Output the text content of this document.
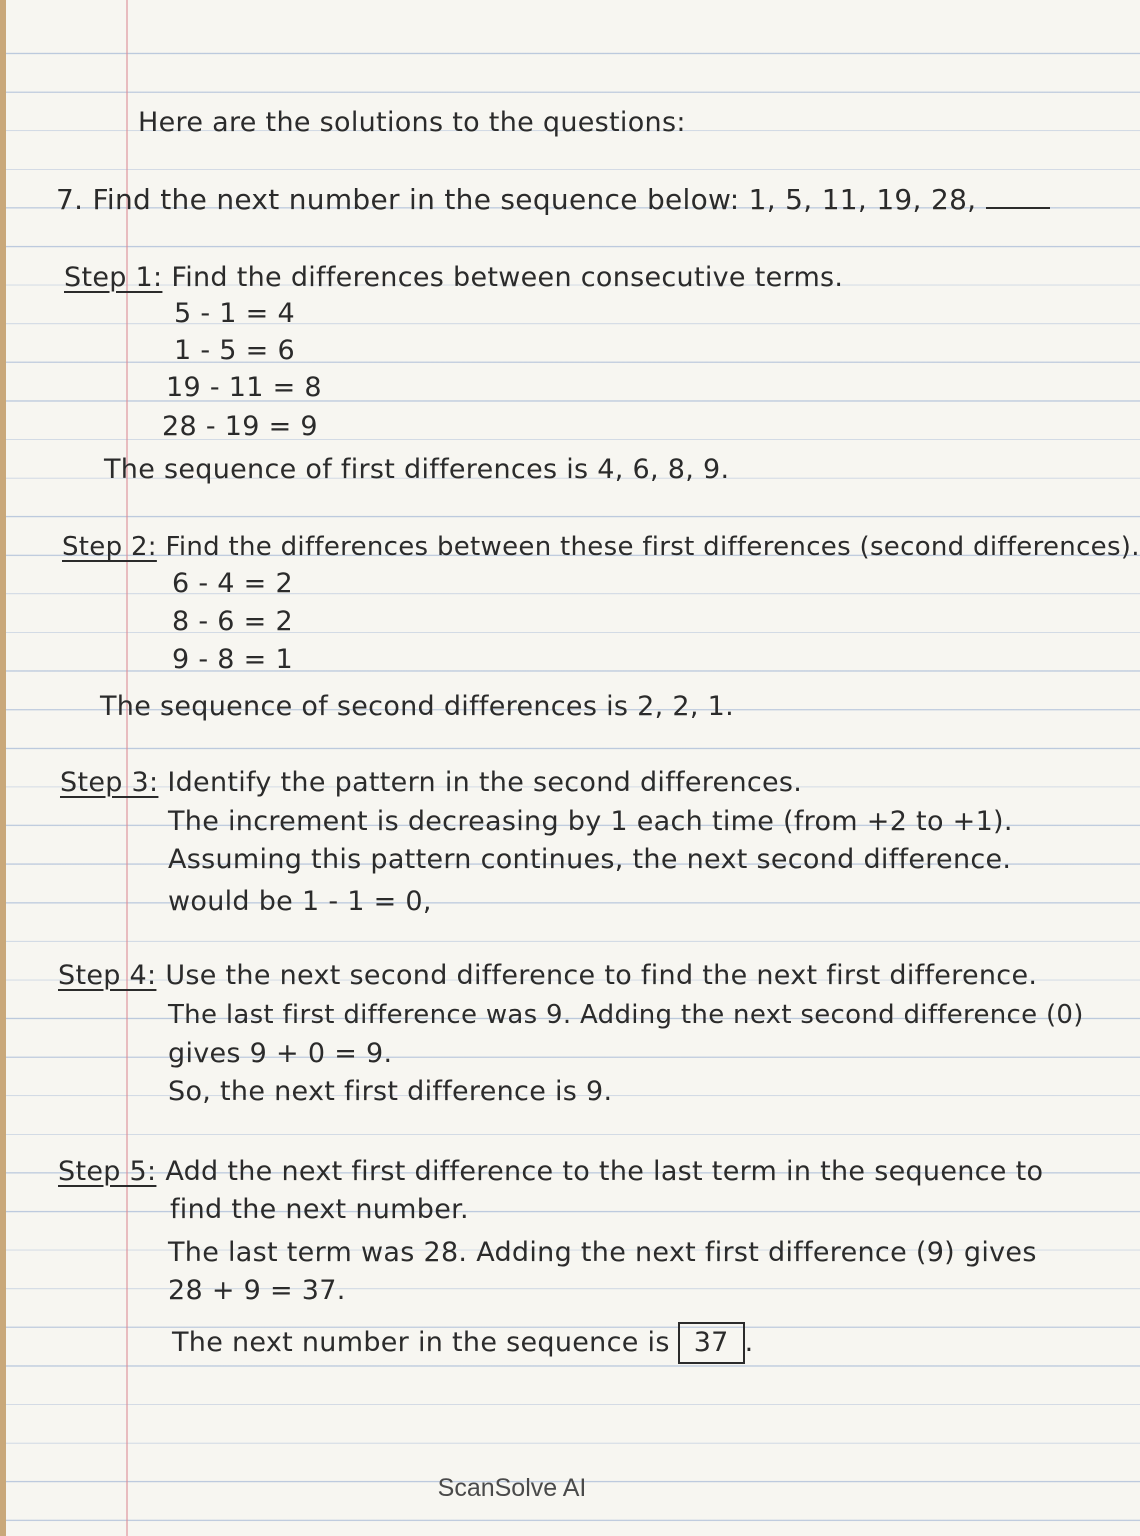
Here are the solutions to the questions:
7. Find the next number in the sequence below: 1, 5, 11, 19, 28,
Step 1: Find the differences between consecutive terms.
5 - 1 = 4
1 - 5 = 6
19 - 11 = 8
28 - 19 = 9
The sequence of first differences is 4, 6, 8, 9.
Step 2: Find the differences between these first differences (second differences).
6 - 4 = 2
8 - 6 = 2
9 - 8 = 1
The sequence of second differences is 2, 2, 1.
Step 3: Identify the pattern in the second differences.
The increment is decreasing by 1 each time (from +2 to +1).
Assuming this pattern continues, the next second difference.
would be 1 - 1 = 0,
Step 4: Use the next second difference to find the next first difference.
The last first difference was 9. Adding the next second difference (0)
gives 9 + 0 = 9.
So, the next first difference is 9.
Step 5: Add the next first difference to the last term in the sequence to
find the next number.
The last term was 28. Adding the next first difference (9) gives
28 + 9 = 37.
The next number in the sequence is 37 .
ScanSolve AI
